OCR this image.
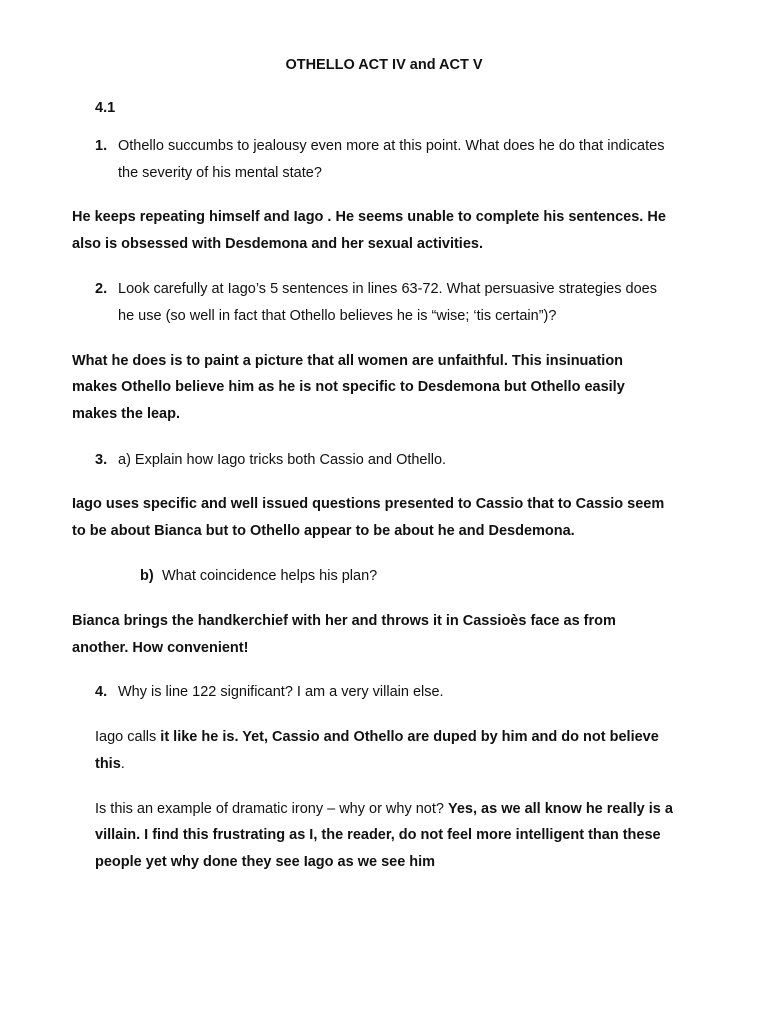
OTHELLO ACT IV and ACT V
4.1
1. Othello succumbs to jealousy even more at this point. What does he do that indicates
the severity of his mental state?
He keeps repeating himself and Iago . He seems unable to complete his sentences. He
also is obsessed with Desdemona and her sexual activities.
2. Look carefully at Iago’s 5 sentences in lines 63-72. What persuasive strategies does
he use (so well in fact that Othello believes he is “wise; ‘tis certain”)?
What he does is to paint a picture that all women are unfaithful. This insinuation
makes Othello believe him as he is not specific to Desdemona but Othello easily
makes the leap.
3. a) Explain how Iago tricks both Cassio and Othello.
Iago uses specific and well issued questions presented to Cassio that to Cassio seem
to be about Bianca but to Othello appear to be about he and Desdemona.
b) What coincidence helps his plan?
Bianca brings the handkerchief with her and throws it in Cassioès face as from
another. How convenient!
4. Why is line 122 significant? I am a very villain else.
Iago calls it like he is. Yet, Cassio and Othello are duped by him and do not believe
this.
Is this an example of dramatic irony – why or why not? Yes, as we all know he really is a
villain. I find this frustrating as I, the reader, do not feel more intelligent than these
people yet why done they see Iago as we see him
